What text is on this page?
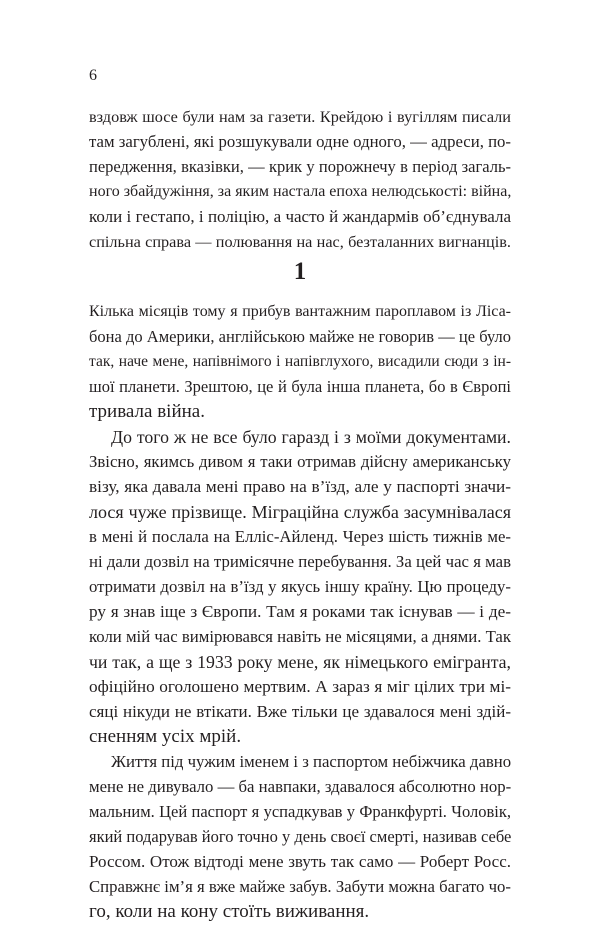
6

вздовж шосе були нам за газети. Крейдою і вугіллям писали

там загублені, які розшукували одне одного, — адреси, по-

передження, вказівки, — крик у порожнечу в період загаль-

ного збайдужіння, за яким настала епоха нелюдськості: війна,

коли і гестапо, і поліцію, а часто й жандармів об’єднувала

спільна справа — полювання на нас, безталанних вигнанців.

1

Кілька місяців тому я прибув вантажним пароплавом із Ліса-

бона до Америки, англійською майже не говорив — це було

так, наче мене, напівнімого і напівглухого, висадили сюди з ін-

шої планети. Зрештою, це й була інша планета, бо в Європі

тривала війна.

До того ж не все було гаразд і з моїми документами.

Звісно, якимсь дивом я таки отримав дійсну американську

візу, яка давала мені право на в’їзд, але у паспорті значи-

лося чуже прізвище. Міграційна служба засумнівалася

в мені й послала на Елліс-Айленд. Через шість тижнів ме-

ні дали дозвіл на тримісячне перебування. За цей час я мав

отримати дозвіл на в’їзд у якусь іншу країну. Цю процеду-

ру я знав іще з Європи. Там я роками так існував — і де-

коли мій час вимірювався навіть не місяцями, а днями. Так

чи так, а ще з 1933 року мене, як німецького емігранта,

офіційно оголошено мертвим. А зараз я міг цілих три мі-

сяці нікуди не втікати. Вже тільки це здавалося мені здій-

сненням усіх мрій.

Життя під чужим іменем і з паспортом небіжчика давно

мене не дивувало — ба навпаки, здавалося абсолютно нор-

мальним. Цей паспорт я успадкував у Франкфурті. Чоловік,

який подарував його точно у день своєї смерті, називав себе

Россом. Отож відтоді мене звуть так само — Роберт Росс.

Справжнє ім’я я вже майже забув. Забути можна багато чо-

го, коли на кону стоїть виживання.
